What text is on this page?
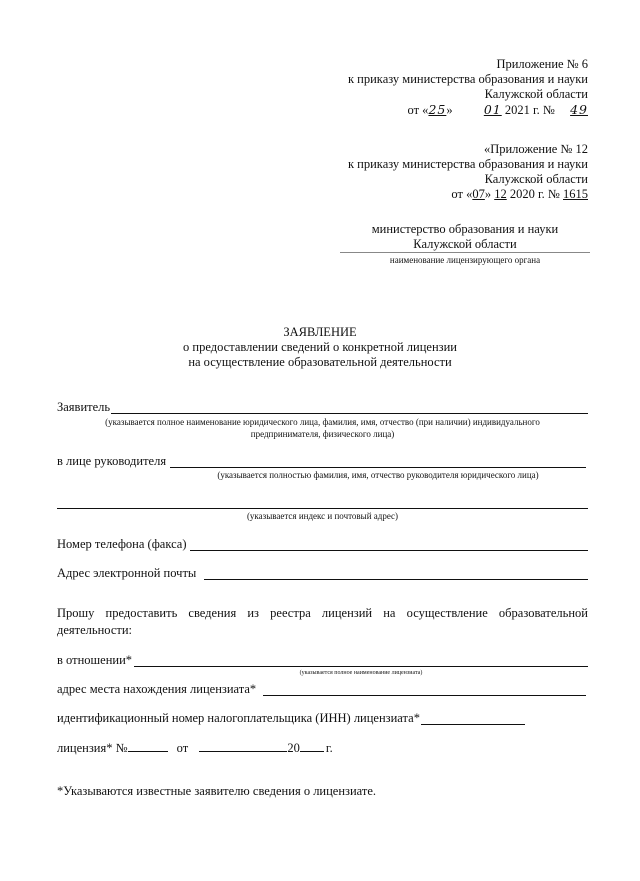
Приложение № 6
к приказу министерства образования и науки
Калужской области
от «25» 01 2021 г. № 49
«Приложение № 12
к приказу министерства образования и науки
Калужской области
от «07» 12 2020 г. № 1615
министерство образования и науки
Калужской области
наименование лицензирующего органа
ЗАЯВЛЕНИЕ
о предоставлении сведений о конкретной лицензии
на осуществление образовательной деятельности
Заявитель
(указывается полное наименование юридического лица, фамилия, имя, отчество (при наличии) индивидуального
предпринимателя, физического лица)
в лице руководителя
(указывается полностью фамилия, имя, отчество руководителя юридического лица)
(указывается индекс и почтовый адрес)
Номер телефона (факса)
Адрес электронной почты
Прошу предоставить сведения из реестра лицензий на осуществление образовательной деятельности:
в отношении*
(указывается полное наименование лицензиата)
адрес места нахождения лицензиата*
идентификационный номер налогоплательщика (ИНН) лицензиата*
лицензия* №	от	20 г.
*Указываются известные заявителю сведения о лицензиате.
